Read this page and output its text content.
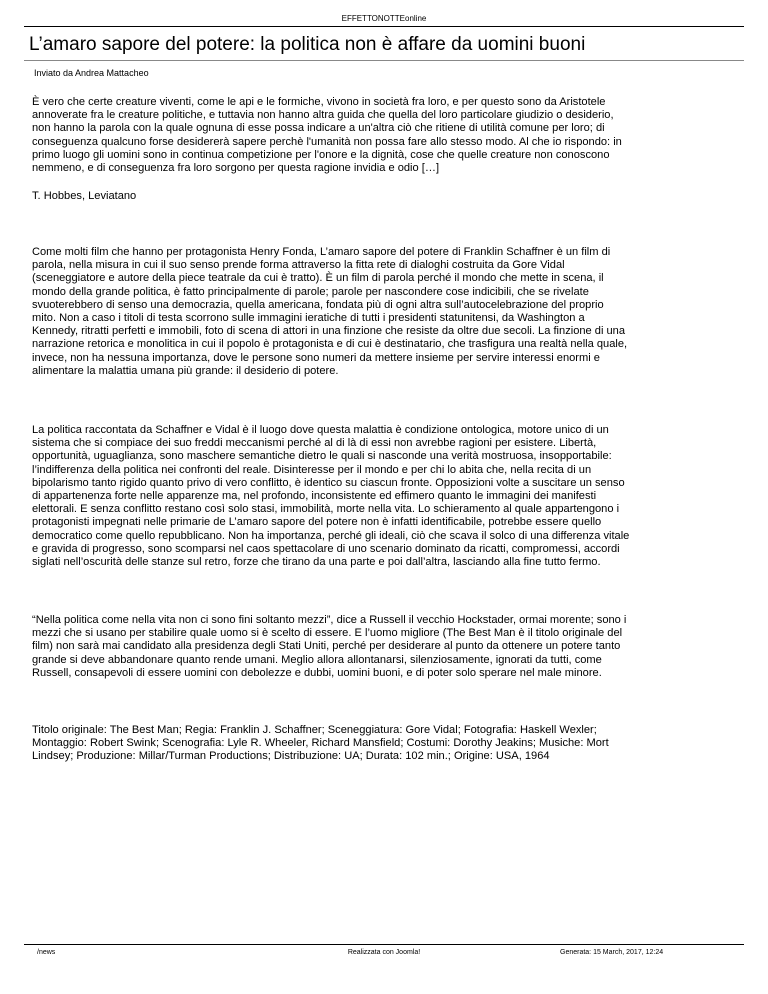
EFFETTONOTTEonline
L’amaro sapore del potere: la politica non è affare da uomini buoni
Inviato da Andrea Mattacheo

È vero che certe creature viventi, come le api e le formiche, vivono in società fra loro, e per questo sono da Aristotele

annoverate fra le creature politiche, e tuttavia non hanno altra guida che quella del loro particolare giudizio o desiderio,

non hanno la parola con la quale ognuna di esse possa indicare a un'altra ciò che ritiene di utilità comune per loro; di

conseguenza qualcuno forse desidererà sapere perchè l'umanità non possa fare allo stesso modo. Al che io rispondo: in

primo luogo gli uomini sono in continua competizione per l'onore e la dignità, cose che quelle creature non conoscono

nemmeno, e di conseguenza fra loro sorgono per questa ragione invidia e odio […]

T. Hobbes, Leviatano

Come molti film che hanno per protagonista Henry Fonda, L’amaro sapore del potere di Franklin Schaffner è un film di

parola, nella misura in cui il suo senso prende forma attraverso la fitta rete di dialoghi costruita da Gore Vidal

(sceneggiatore e autore della piece teatrale da cui è tratto). È un film di parola perché il mondo che mette in scena, il

mondo della grande politica, è fatto principalmente di parole; parole per nascondere cose indicibili, che se rivelate

svuoterebbero di senso una democrazia, quella americana, fondata più di ogni altra sull’autocelebrazione del proprio

mito. Non a caso i titoli di testa scorrono sulle immagini ieratiche di tutti i presidenti statunitensi, da Washington a

Kennedy, ritratti perfetti e immobili, foto di scena di attori in una finzione che resiste da oltre due secoli. La finzione di una

narrazione retorica e monolitica in cui il popolo è protagonista e di cui è destinatario, che trasfigura una realtà nella quale,

invece, non ha nessuna importanza, dove le persone sono numeri da mettere insieme per servire interessi enormi e

alimentare la malattia umana più grande: il desiderio di potere.

La politica raccontata da Schaffner e Vidal è il luogo dove questa malattia è condizione ontologica, motore unico di un

sistema che si compiace dei suo freddi meccanismi perché al di là di essi non avrebbe ragioni per esistere. Libertà,

opportunità, uguaglianza, sono maschere semantiche dietro le quali si nasconde una verità mostruosa, insopportabile:

l’indifferenza della politica nei confronti del reale. Disinteresse per il mondo e per chi lo abita che, nella recita di un

bipolarismo tanto rigido quanto privo di vero conflitto, è identico su ciascun fronte. Opposizioni volte a suscitare un senso

di appartenenza forte nelle apparenze ma, nel profondo, inconsistente ed effimero quanto le immagini dei manifesti

elettorali. E senza conflitto restano così solo stasi, immobilità, morte nella vita. Lo schieramento al quale appartengono i

protagonisti impegnati nelle primarie de L’amaro sapore del potere non è infatti identificabile, potrebbe essere quello

democratico come quello repubblicano. Non ha importanza, perché gli ideali, ciò che scava il solco di una differenza vitale

e gravida di progresso, sono scomparsi nel caos spettacolare di uno scenario dominato da ricatti, compromessi, accordi

siglati nell’oscurità delle stanze sul retro, forze che tirano da una parte e poi dall’altra, lasciando alla fine tutto fermo.

“Nella politica come nella vita non ci sono fini soltanto mezzi”, dice a Russell il vecchio Hockstader, ormai morente; sono i

mezzi che si usano per stabilire quale uomo si è scelto di essere. E l’uomo migliore (The Best Man è il titolo originale del

film) non sarà mai candidato alla presidenza degli Stati Uniti, perché per desiderare al punto da ottenere un potere tanto

grande si deve abbandonare quanto rende umani. Meglio allora allontanarsi, silenziosamente, ignorati da tutti, come

Russell, consapevoli di essere uomini con debolezze e dubbi, uomini buoni, e di poter solo sperare nel male minore.

Titolo originale: The Best Man; Regia: Franklin J. Schaffner; Sceneggiatura: Gore Vidal; Fotografia: Haskell Wexler;

Montaggio: Robert Swink; Scenografia: Lyle R. Wheeler, Richard Mansfield; Costumi: Dorothy Jeakins; Musiche: Mort

Lindsey; Produzione: Millar/Turman Productions; Distribuzione: UA; Durata: 102 min.; Origine: USA, 1964

/news	Realizzata con Joomla!	Generata: 15 March, 2017, 12:24
